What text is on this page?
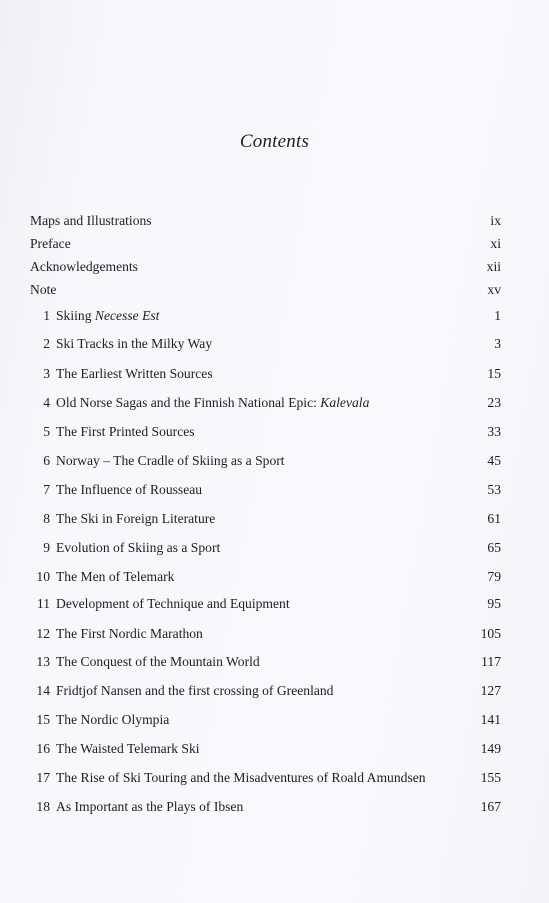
Contents
Maps and Illustrations	ix
Preface	xi
Acknowledgements	xii
Note	xv
1 Skiing Necesse Est	1
2 Ski Tracks in the Milky Way	3
3 The Earliest Written Sources	15
4 Old Norse Sagas and the Finnish National Epic: Kalevala	23
5 The First Printed Sources	33
6 Norway – The Cradle of Skiing as a Sport	45
7 The Influence of Rousseau	53
8 The Ski in Foreign Literature	61
9 Evolution of Skiing as a Sport	65
10 The Men of Telemark	79
11 Development of Technique and Equipment	95
12 The First Nordic Marathon	105
13 The Conquest of the Mountain World	117
14 Fridtjof Nansen and the first crossing of Greenland	127
15 The Nordic Olympia	141
16 The Waisted Telemark Ski	149
17 The Rise of Ski Touring and the Misadventures of Roald Amundsen	155
18 As Important as the Plays of Ibsen	167
